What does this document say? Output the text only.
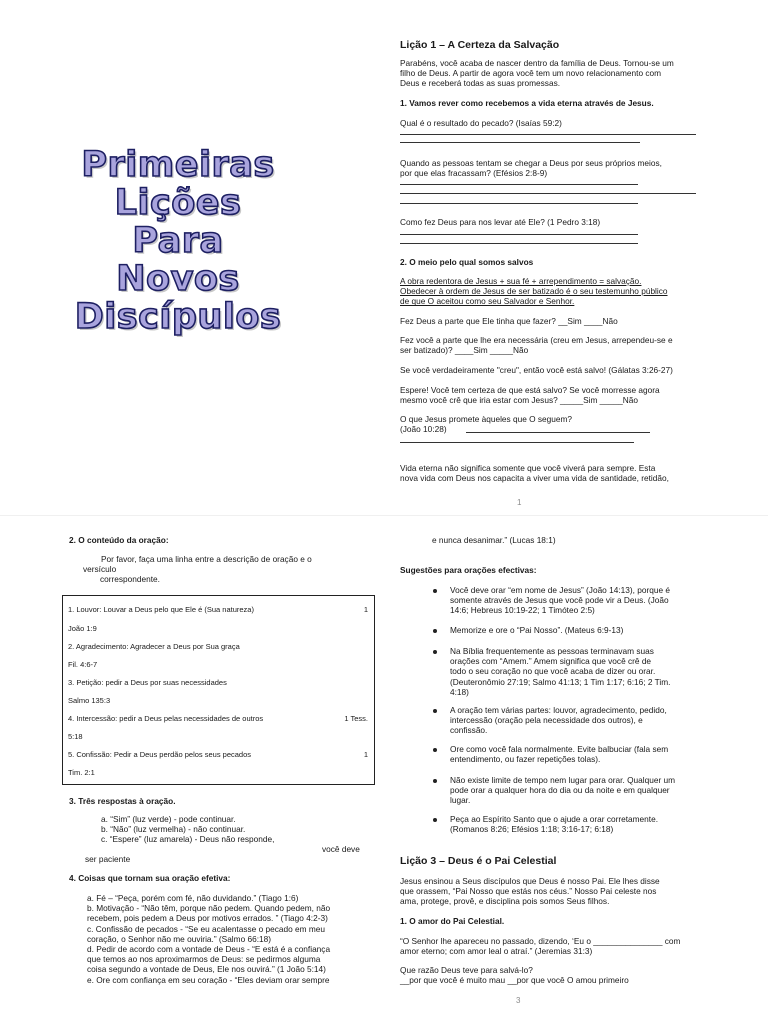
Primeiras
Lições
Para
Novos
Discípulos
Lição 1 – A Certeza da Salvação
Parabéns, você acaba de nascer dentro da família de Deus. Tornou-se um
filho de Deus. A partir de agora você tem um novo relacionamento com
Deus e receberá todas as suas promessas.
1. Vamos rever como recebemos a vida eterna através de Jesus.
Qual é o resultado do pecado? (Isaías 59:2)
Quando as pessoas tentam se chegar a Deus por seus próprios meios,
por que elas fracassam? (Efésios 2:8-9)
Como fez Deus para nos levar até Ele? (1 Pedro 3:18)
2. O meio pelo qual somos salvos
A obra redentora de Jesus + sua fé + arrependimento = salvação.
Obedecer à ordem de Jesus de ser batizado é o seu testemunho público
de que O aceitou como seu Salvador e Senhor.
Fez Deus a parte que Ele tinha que fazer? __Sim ____Não
Fez você a parte que lhe era necessária (creu em Jesus, arrependeu-se e
ser batizado)? ____Sim _____Não
Se você verdadeiramente "creu", então você está salvo! (Gálatas 3:26-27)
Espere! Você tem certeza de que está salvo? Se você morresse agora
mesmo você crê que iria estar com Jesus? _____Sim _____Não
O que Jesus promete àqueles que O seguem?
(João 10:28)
Vida eterna não significa somente que você viverá para sempre. Esta
nova vida com Deus nos capacita a viver uma vida de santidade, retidão,
1
2. O conteúdo da oração:
Por favor, faça uma linha entre a descrição de oração e o
versículo
correspondente.
1. Louvor: Louvar a Deus pelo que Ele é (Sua natureza)	1
João 1:9
2. Agradecimento: Agradecer a Deus por Sua graça
Fil. 4:6-7
3. Petição: pedir a Deus por suas necessidades
Salmo 135:3
4. Intercessão: pedir a Deus pelas necessidades de outros	1 Tess.
5:18
5. Confissão: Pedir a Deus perdão pelos seus pecados	1
Tim. 2:1
3. Três respostas à oração.
a. “Sim” (luz verde) - pode continuar.
b. “Não” (luz vermelha) - não continuar.
c. “Espere” (luz amarela) - Deus não responde,
você deve
ser paciente
4. Coisas que tornam sua oração efetiva:
a. Fé – “Peça, porém com fé, não duvidando.” (Tiago 1:6)
b. Motivação - “Não têm, porque não pedem. Quando pedem, não
recebem, pois pedem a Deus por motivos errados. ” (Tiago 4:2-3)
c. Confissão de pecados - “Se eu acalentasse o pecado em meu
coração, o Senhor não me ouviria.” (Salmo 66:18)
d. Pedir de acordo com a vontade de Deus - “E está é a confiança
que temos ao nos aproximarmos de Deus: se pedirmos alguma
coisa segundo a vontade de Deus, Ele nos ouvirá.” (1 João 5:14)
e. Ore com confiança em seu coração - “Eles deviam orar sempre
e nunca desanimar.” (Lucas 18:1)
Sugestões para orações efectivas:
Você deve orar “em nome de Jesus” (João 14:13), porque é
somente através de Jesus que você pode vir a Deus. (João
14:6; Hebreus 10:19-22; 1 Timóteo 2:5)
Memorize e ore o “Pai Nosso”. (Mateus 6:9-13)
Na Bíblia frequentemente as pessoas terminavam suas
orações com “Amem.” Amem significa que você crê de
todo o seu coração no que você acaba de dizer ou orar.
(Deuteronômio 27:19; Salmo 41:13; 1 Tim 1:17; 6:16; 2 Tim.
4:18)
A oração tem várias partes: louvor, agradecimento, pedido,
intercessão (oração pela necessidade dos outros), e
confissão.
Ore como você fala normalmente. Evite balbuciar (fala sem
entendimento, ou fazer repetições tolas).
Não existe limite de tempo nem lugar para orar. Qualquer um
pode orar a qualquer hora do dia ou da noite e em qualquer
lugar.
Peça ao Espírito Santo que o ajude a orar corretamente.
(Romanos 8:26; Efésios 1:18; 3:16-17; 6:18)
Lição 3 – Deus é o Pai Celestial
Jesus ensinou a Seus discípulos que Deus é nosso Pai. Ele lhes disse
que orassem, “Pai Nosso que estás nos céus.” Nosso Pai celeste nos
ama, protege, provê, e disciplina pois somos Seus filhos.
1. O amor do Pai Celestial.
“O Senhor lhe apareceu no passado, dizendo, ‘Eu o _______________ com
amor eterno; com amor leal o atraí.” (Jeremias 31:3)
Que razão Deus teve para salvá-lo?
__por que você é muito mau __por que você O amou primeiro
3
